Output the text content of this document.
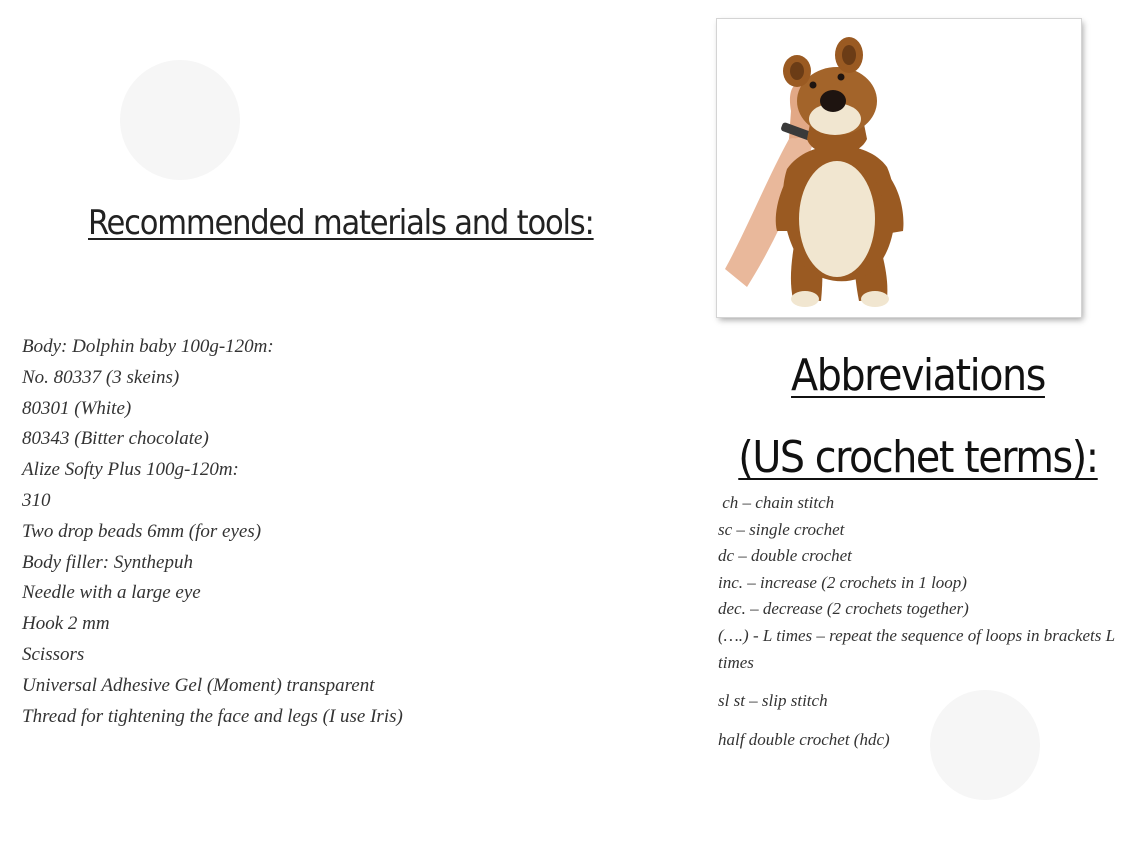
Recommended materials and tools:
Body: Dolphin baby 100g-120m:
No. 80337 (3 skeins)
80301 (White)
80343 (Bitter chocolate)
Alize Softy Plus 100g-120m:
310
Two drop beads 6mm (for eyes)
Body filler: Synthepuh
Needle with a large eye
Hook 2 mm
Scissors
Universal Adhesive Gel (Moment) transparent
Thread for tightening the face and legs (I use Iris)
Abbreviations
(US crochet terms):
ch – chain stitch
sc – single crochet
dc – double crochet
inc. – increase (2 crochets in 1 loop)
dec. – decrease (2 crochets together)
(….) - L times – repeat the sequence of loops in brackets L times
sl st – slip stitch
half double crochet (hdc)
